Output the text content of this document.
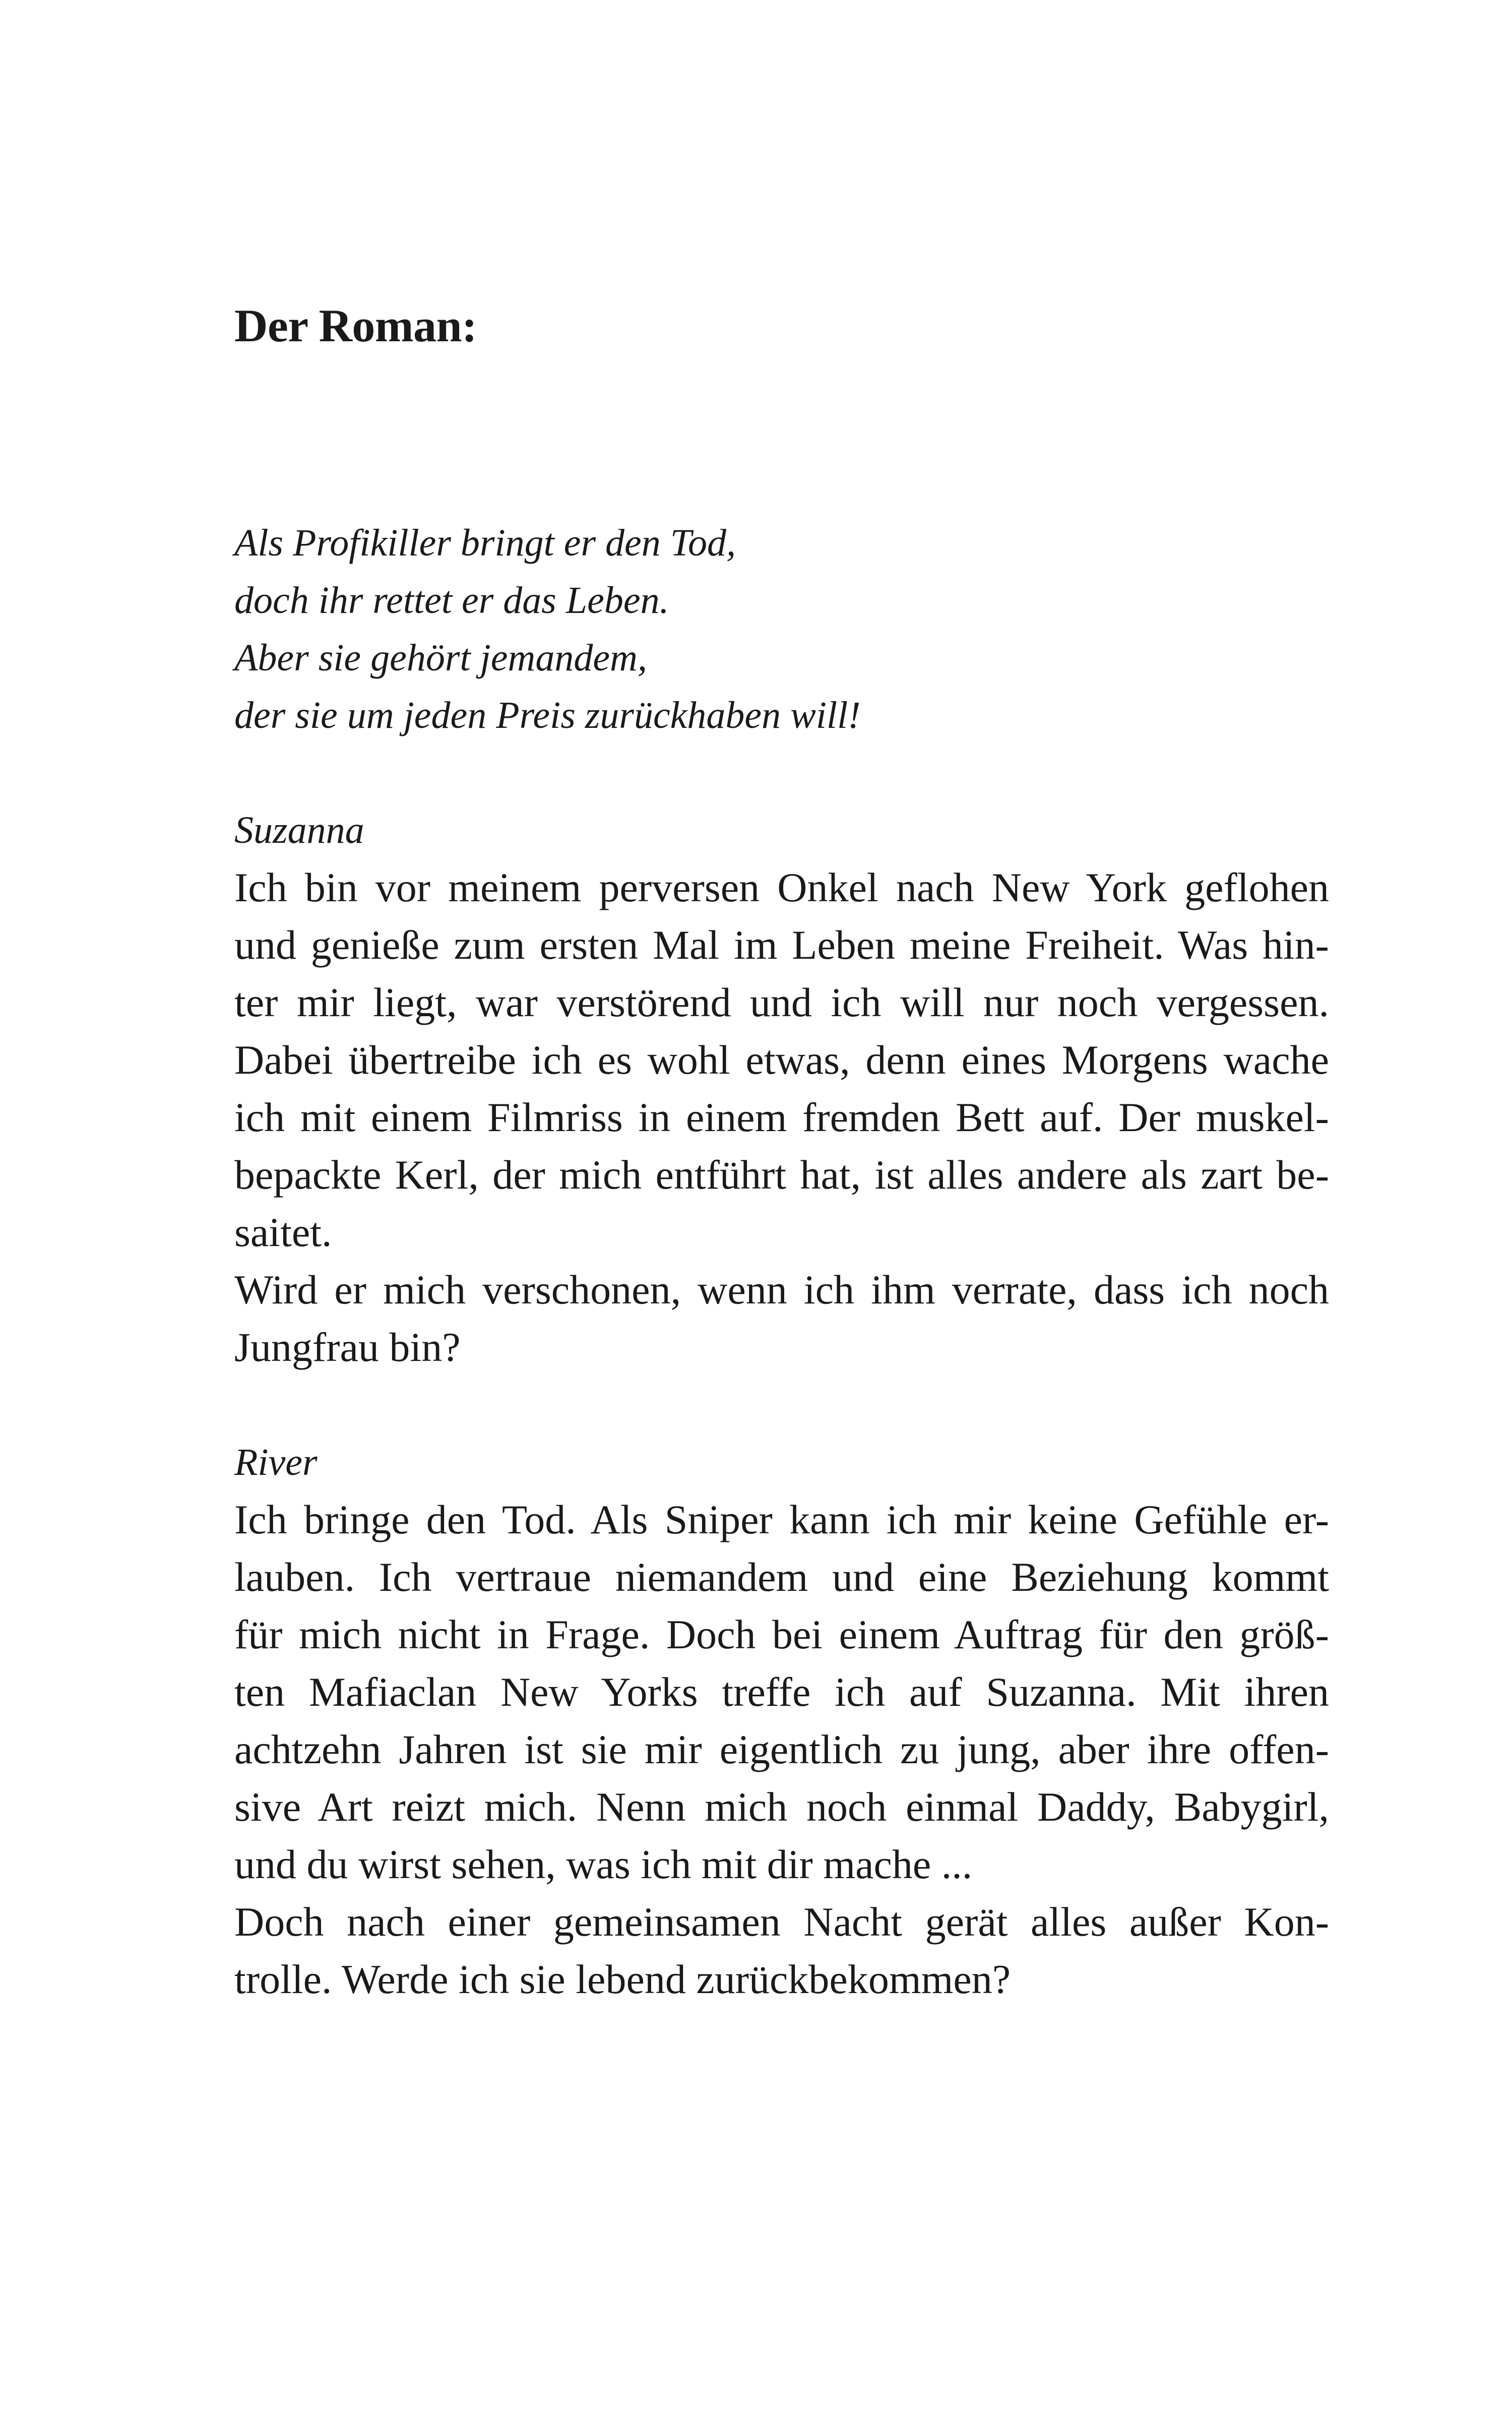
Der Roman:
Als Profikiller bringt er den Tod,
doch ihr rettet er das Leben.
Aber sie gehört jemandem,
der sie um jeden Preis zurückhaben will!
Suzanna

Ich bin vor meinem perversen Onkel nach New York geflohen
und genieße zum ersten Mal im Leben meine Freiheit. Was hin-
ter mir liegt, war verstörend und ich will nur noch vergessen.
Dabei übertreibe ich es wohl etwas, denn eines Morgens wache
ich mit einem Filmriss in einem fremden Bett auf. Der muskel-
bepackte Kerl, der mich entführt hat, ist alles andere als zart be-
saitet.

Wird er mich verschonen, wenn ich ihm verrate, dass ich noch
Jungfrau bin?

River

Ich bringe den Tod. Als Sniper kann ich mir keine Gefühle er-
lauben. Ich vertraue niemandem und eine Beziehung kommt
für mich nicht in Frage. Doch bei einem Auftrag für den größ-
ten Mafiaclan New Yorks treffe ich auf Suzanna. Mit ihren
achtzehn Jahren ist sie mir eigentlich zu jung, aber ihre offen-
sive Art reizt mich. Nenn mich noch einmal Daddy, Babygirl,
und du wirst sehen, was ich mit dir mache ...

Doch nach einer gemeinsamen Nacht gerät alles außer Kon-
trolle. Werde ich sie lebend zurückbekommen?
